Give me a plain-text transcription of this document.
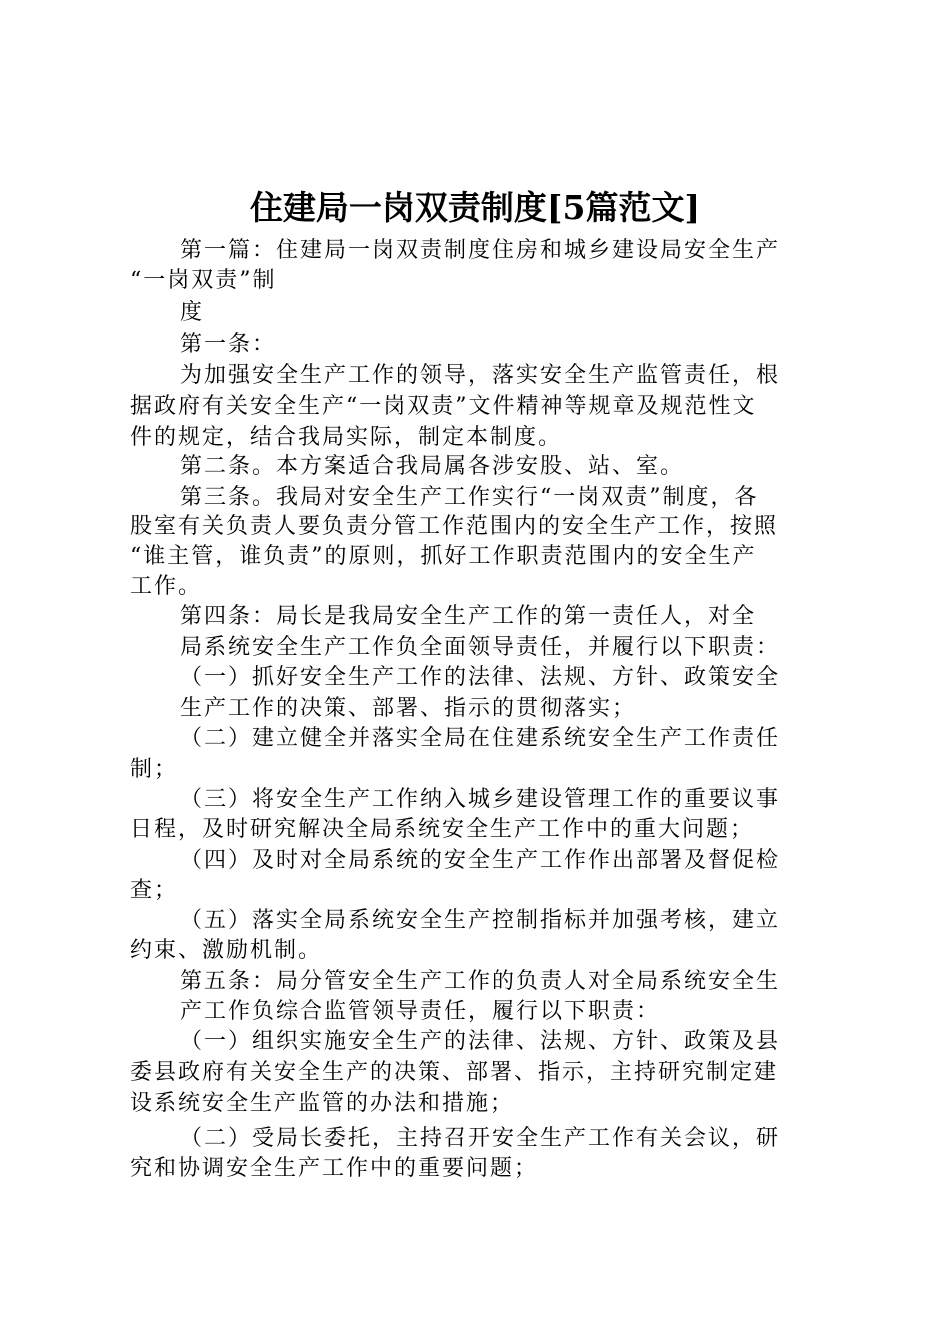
住建局一岗双责制度[5篇范文]
第一篇：住建局一岗双责制度住房和城乡建设局安全生产
“一岗双责”制
度
第一条：
为加强安全生产工作的领导，落实安全生产监管责任，根
据政府有关安全生产“一岗双责”文件精神等规章及规范性文
件的规定，结合我局实际，制定本制度。
第二条。本方案适合我局属各涉安股、站、室。
第三条。我局对安全生产工作实行“一岗双责”制度，各
股室有关负责人要负责分管工作范围内的安全生产工作，按照
“谁主管，谁负责”的原则，抓好工作职责范围内的安全生产
工作。
第四条：局长是我局安全生产工作的第一责任人，对全
局系统安全生产工作负全面领导责任，并履行以下职责：
（一）抓好安全生产工作的法律、法规、方针、政策安全
生产工作的决策、部署、指示的贯彻落实；
（二）建立健全并落实全局在住建系统安全生产工作责任
制；
（三）将安全生产工作纳入城乡建设管理工作的重要议事
日程，及时研究解决全局系统安全生产工作中的重大问题；
（四）及时对全局系统的安全生产工作作出部署及督促检
查；
（五）落实全局系统安全生产控制指标并加强考核，建立
约束、激励机制。
第五条：局分管安全生产工作的负责人对全局系统安全生
产工作负综合监管领导责任，履行以下职责：
（一）组织实施安全生产的法律、法规、方针、政策及县
委县政府有关安全生产的决策、部署、指示，主持研究制定建
设系统安全生产监管的办法和措施；
（二）受局长委托，主持召开安全生产工作有关会议，研
究和协调安全生产工作中的重要问题；
